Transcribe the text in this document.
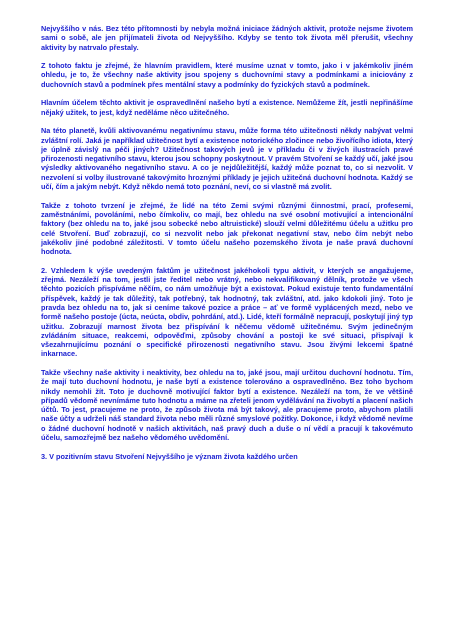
Nejvyššího v nás. Bez této přítomnosti by nebyla možná iniciace žádných aktivit, protože nejsme životem sami o sobě, ale jen přijímateli života od Nejvyššího. Kdyby se tento tok života měl přerušit, všechny aktivity by natrvalo přestaly.

Z tohoto faktu je zřejmé, že hlavním pravidlem, které musíme uznat v tomto, jako i v jakémkoliv jiném ohledu, je to, že všechny naše aktivity jsou spojeny s duchovními stavy a podmínkami a iniciovány z duchovních stavů a podmínek přes mentální stavy a podmínky do fyzických stavů a podmínek.

Hlavním účelem těchto aktivit je ospravedlnění našeho bytí a existence. Nemůžeme žít, jestli nepřinášíme nějaký užitek, to jest, když neděláme něco užitečného.

Na této planetě, kvůli aktivovanému negativnímu stavu, může forma této užitečnosti někdy nabývat velmi zvláštní rolí. Jaká je například užitečnost bytí a existence notorického zločince nebo živořícího idiota, který je úplně závislý na péči jiných? Užitečnost takových jevů je v příkladu či v živých ilustracích pravé přirozenosti negativního stavu, kterou jsou schopny poskytnout. V pravém Stvoření se každý učí, jaké jsou výsledky aktivovaného negativního stavu. A co je nejdůležitější, každý může poznat to, co si nezvolit. V nezvolení si volby ilustrované takovýmito hroznými příklady je jejich užitečná duchovní hodnota. Každý se učí, čím a jakým nebýt. Když někdo nemá toto poznání, neví, co si vlastně má zvolit.

Takže z tohoto tvrzení je zřejmé, že lidé na této Zemi svými různými činnostmi, prací, profesemi, zaměstnáními, povoláními, nebo čímkoliv, co mají, bez ohledu na své osobní motivující a intencionální faktory (bez ohledu na to, jaké jsou sobecké nebo altruistické) slouží velmi důležitému účelu a užitku pro celé Stvoření. Buď zobrazují, co si nezvolit nebo jak překonat negativní stav, nebo čím nebýt nebo jakékoliv jiné podobné záležitosti. V tomto účelu našeho pozemského života je naše pravá duchovní hodnota.

2. Vzhledem k výše uvedeným faktům je užitečnost jakéhokoli typu aktivit, v kterých se angažujeme, zřejmá. Nezáleží na tom, jestli jste ředitel nebo vrátný, nebo nekvalifikovaný dělník, protože ve všech těchto pozicích přispíváme něčím, co nám umožňuje být a existovat. Pokud existuje tento fundamentální příspěvek, každý je tak důležitý, tak potřebný, tak hodnotný, tak zvláštní, atd. jako kdokoli jiný. Toto je pravda bez ohledu na to, jak si ceníme takové pozice a práce – ať ve formě vyplácených mezd, nebo ve formě našeho postoje (úcta, neúcta, obdiv, pohrdání, atd.). Lidé, kteří formálně nepracují, poskytují jiný typ užitku. Zobrazují marnost života bez přispívání k něčemu vědomě užitečnému. Svým jedinečným zvládáním situace, reakcemi, odpověďmi, způsoby chování a postoji ke své situaci, přispívají k všezahrnujícímu poznání o specifické přirozenosti negativního stavu. Jsou živými lekcemi špatné inkarnace.

Takže všechny naše aktivity i neaktivity, bez ohledu na to, jaké jsou, mají určitou duchovní hodnotu. Tím, že mají tuto duchovní hodnotu, je naše bytí a existence tolerováno a ospravedlněno. Bez toho bychom nikdy nemohli žít. Toto je duchovně motivující faktor bytí a existence. Nezáleží na tom, že ve většině případů vědomě nevnímáme tuto hodnotu a máme na zřeteli jenom vydělávání na živobytí a placení našich účtů. To jest, pracujeme ne proto, že způsob života má být takový, ale pracujeme proto, abychom platili naše účty a udrželi náš standard života nebo měli různé smyslové požitky. Dokonce, i když vědomě nevíme o žádné duchovní hodnotě v našich aktivitách, naš pravý duch a duše o ní vědí a pracují k takovémuto účelu, samozřejmě bez našeho vědomého uvědomění.

3. V pozitivním stavu Stvoření Nejvyššího je význam života každého určen
